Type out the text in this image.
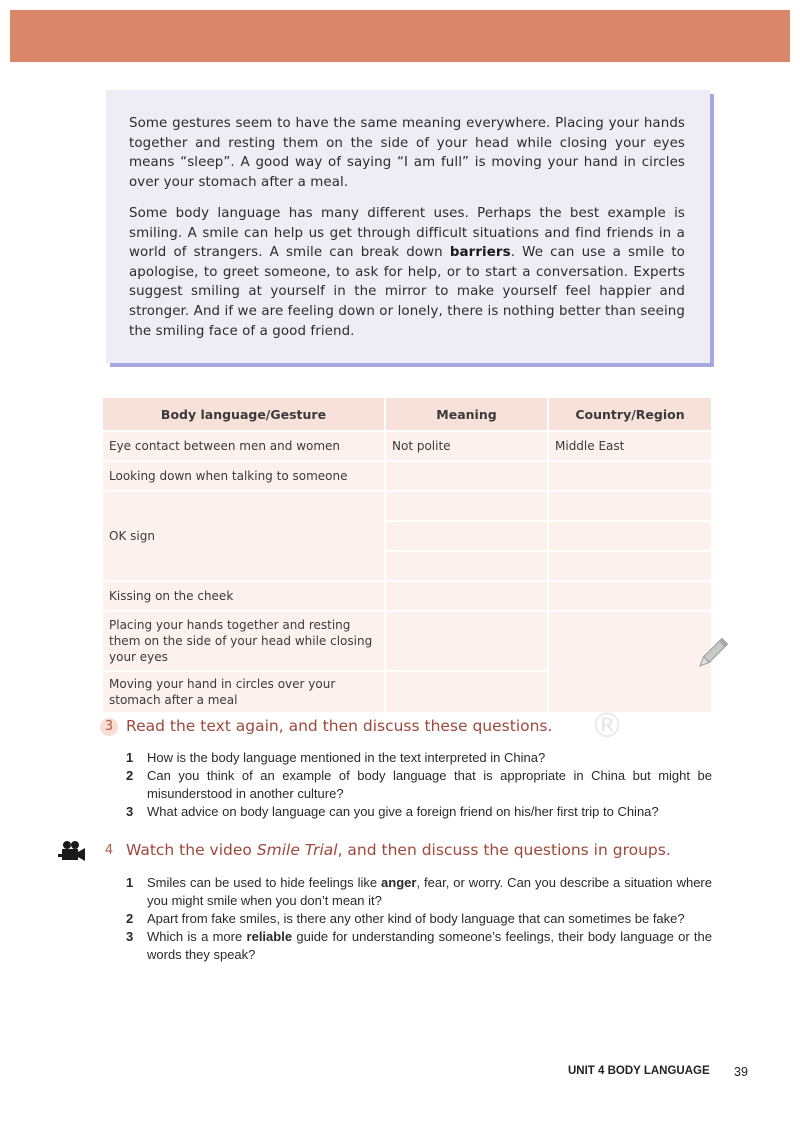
Some gestures seem to have the same meaning everywhere. Placing your hands together and resting them on the side of your head while closing your eyes means “sleep”. A good way of saying “I am full” is moving your hand in circles over your stomach after a meal.

Some body language has many different uses. Perhaps the best example is smiling. A smile can help us get through difficult situations and find friends in a world of strangers. A smile can break down barriers. We can use a smile to apologise, to greet someone, to ask for help, or to start a conversation. Experts suggest smiling at yourself in the mirror to make yourself feel happier and stronger. And if we are feeling down or lonely, there is nothing better than seeing the smiling face of a good friend.

Body language/Gesture	Meaning	Country/Region
Eye contact between men and women	Not polite	Middle East
Looking down when talking to someone		
OK sign		

Kissing on the cheek		
Placing your hands together and resting them on the side of your head while closing your eyes		
Moving your hand in circles over your stomach after a meal		
®
3 Read the text again, and then discuss these questions.
1 How is the body language mentioned in the text interpreted in China?
2 Can you think of an example of body language that is appropriate in China but might be misunderstood in another culture?
3 What advice on body language can you give a foreign friend on his/her first trip to China?
4 Watch the video Smile Trial, and then discuss the questions in groups.
1 Smiles can be used to hide feelings like anger, fear, or worry. Can you describe a situation where you might smile when you don’t mean it?
2 Apart from fake smiles, is there any other kind of body language that can sometimes be fake?
3 Which is a more reliable guide for understanding someone’s feelings, their body language or the words they speak?
UNIT 4 BODY LANGUAGE 39
